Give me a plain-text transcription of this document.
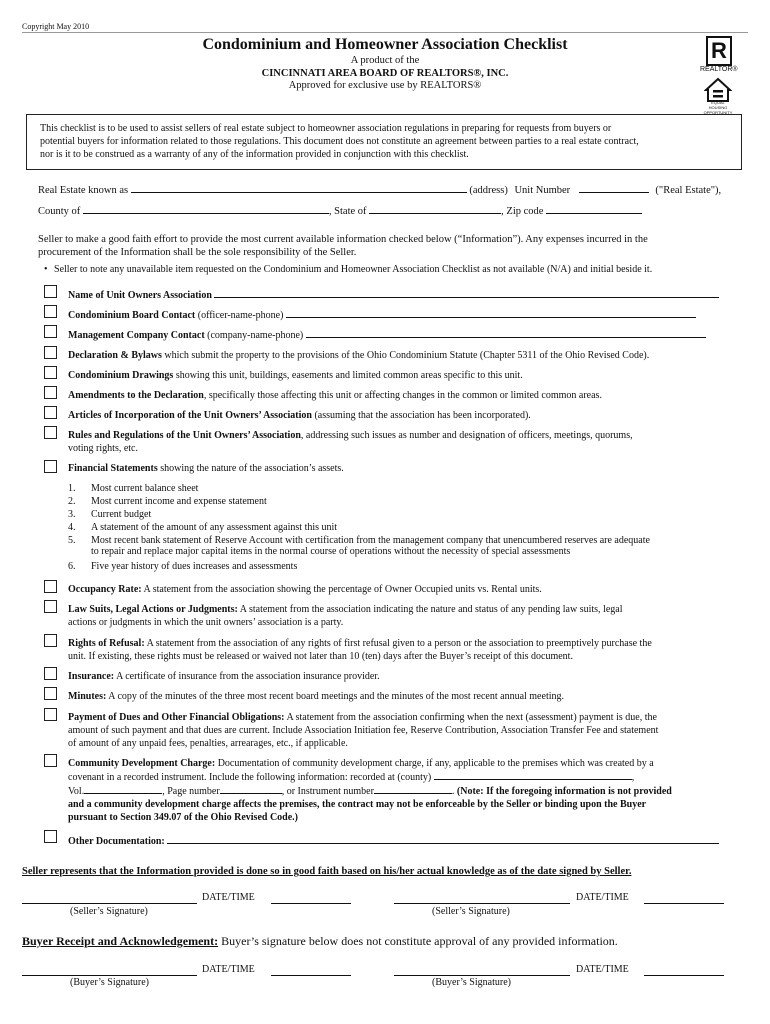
Copyright May 2010
Condominium and Homeowner Association Checklist
A product of the
CINCINNATI AREA BOARD OF REALTORS®, INC.
Approved for exclusive use by REALTORS®
R
REALTOR®
EQUAL HOUSING OPPORTUNITY
This checklist is to be used to assist sellers of real estate subject to homeowner association regulations in preparing for requests from buyers or
potential buyers for information related to those regulations. This document does not constitute an agreement between parties to a real estate contract,
nor is it to be construed as a warranty of any of the information provided in conjunction with this checklist.
Real Estate known as	(address) Unit Number	("Real Estate"),
County of	, State of	, Zip code
Seller to make a good faith effort to provide the most current available information checked below (“Information”). Any expenses incurred in the
procurement of the Information shall be the sole responsibility of the Seller.
• Seller to note any unavailable item requested on the Condominium and Homeowner Association Checklist as not available (N/A) and initial beside it.
Name of Unit Owners Association
Condominium Board Contact (officer-name-phone)
Management Company Contact (company-name-phone)
Declaration & Bylaws which submit the property to the provisions of the Ohio Condominium Statute (Chapter 5311 of the Ohio Revised Code).
Condominium Drawings showing this unit, buildings, easements and limited common areas specific to this unit.
Amendments to the Declaration, specifically those affecting this unit or affecting changes in the common or limited common areas.
Articles of Incorporation of the Unit Owners’ Association (assuming that the association has been incorporated).
Rules and Regulations of the Unit Owners’ Association, addressing such issues as number and designation of officers, meetings, quorums,
voting rights, etc.
Financial Statements showing the nature of the association’s assets.
1. Most current balance sheet
2. Most current income and expense statement
3. Current budget
4. A statement of the amount of any assessment against this unit
5. Most recent bank statement of Reserve Account with certification from the management company that unencumbered reserves are adequate
to repair and replace major capital items in the normal course of operations without the necessity of special assessments
6. Five year history of dues increases and assessments
Occupancy Rate: A statement from the association showing the percentage of Owner Occupied units vs. Rental units.
Law Suits, Legal Actions or Judgments: A statement from the association indicating the nature and status of any pending law suits, legal
actions or judgments in which the unit owners’ association is a party.
Rights of Refusal: A statement from the association of any rights of first refusal given to a person or the association to preemptively purchase the
unit. If existing, these rights must be released or waived not later than 10 (ten) days after the Buyer’s receipt of this document.
Insurance: A certificate of insurance from the association insurance provider.
Minutes: A copy of the minutes of the three most recent board meetings and the minutes of the most recent annual meeting.
Payment of Dues and Other Financial Obligations: A statement from the association confirming when the next (assessment) payment is due, the
amount of such payment and that dues are current. Include Association Initiation fee, Reserve Contribution, Association Transfer Fee and statement
of amount of any unpaid fees, penalties, arrearages, etc., if applicable.
Community Development Charge: Documentation of community development charge, if any, applicable to the premises which was created by a
covenant in a recorded instrument. Include the following information: recorded at (county)	,
Vol.	, Page number	, or Instrument number	. (Note: If the foregoing information is not provided
and a community development charge affects the premises, the contract may not be enforceable by the Seller or binding upon the Buyer
pursuant to Section 349.07 of the Ohio Revised Code.)
Other Documentation:
Seller represents that the Information provided is done so in good faith based on his/her actual knowledge as of the date signed by Seller.
DATE/TIME
(Seller’s Signature)
DATE/TIME
(Seller’s Signature)
Buyer Receipt and Acknowledgement: Buyer’s signature below does not constitute approval of any provided information.
DATE/TIME
(Buyer’s Signature)
DATE/TIME
(Buyer’s Signature)
